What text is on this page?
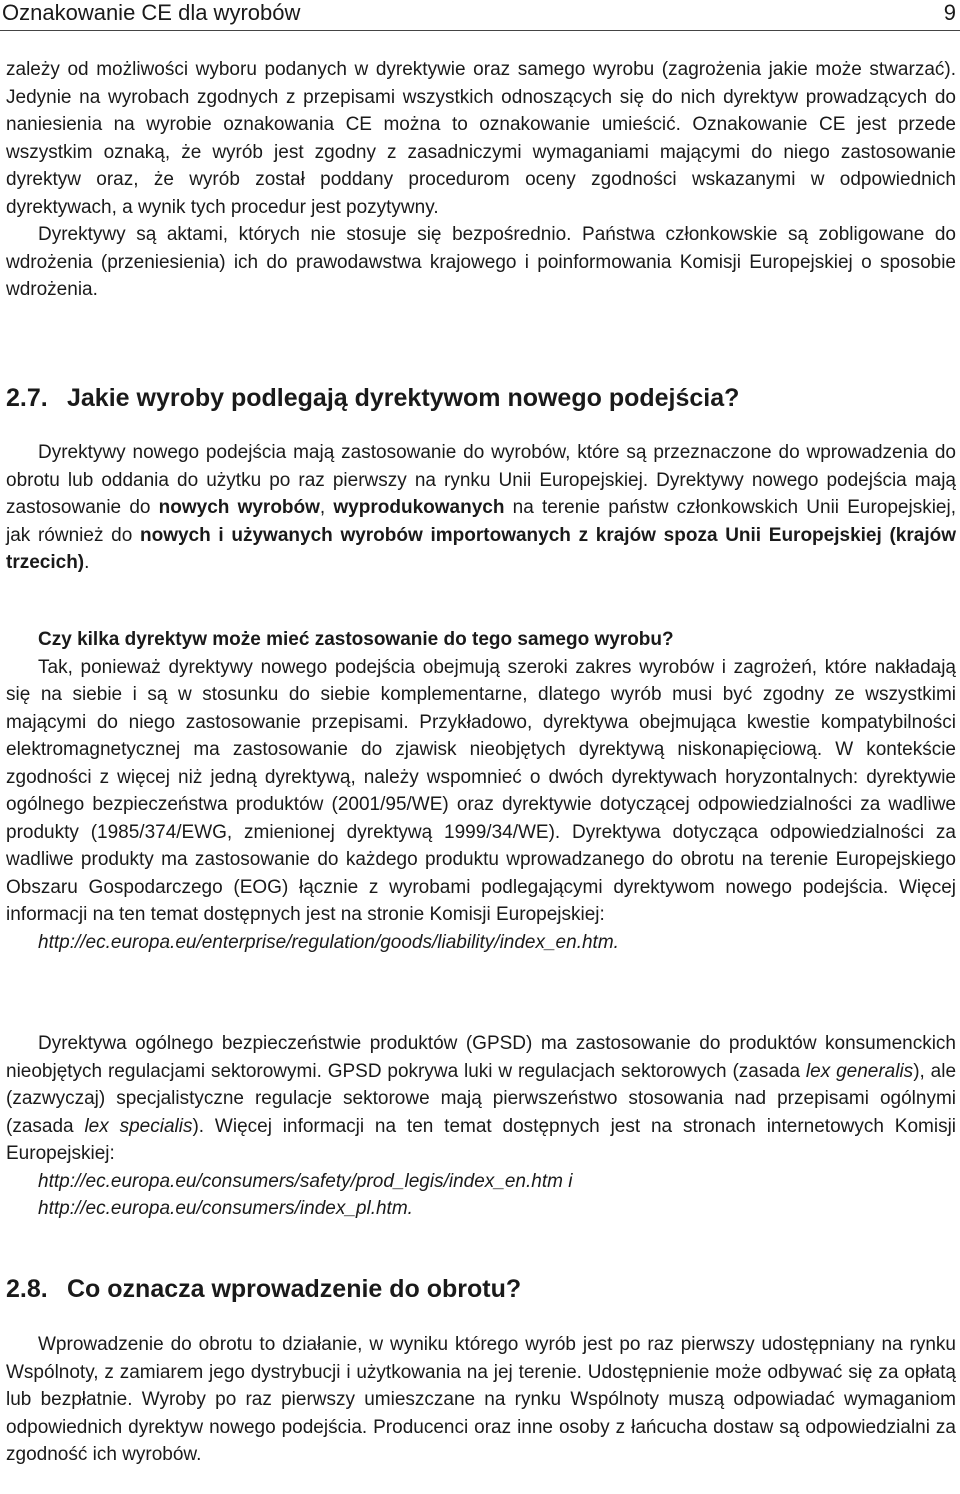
Oznakowanie CE dla wyrobów	9

zależy od możliwości wyboru podanych w dyrektywie oraz samego wyrobu (zagrożenia jakie może stwarzać). Jedynie na wyrobach zgodnych z przepisami wszystkich odnoszących się do nich dyrektyw prowadzących do naniesienia na wyrobie oznakowania CE można to oznakowanie umieścić. Oznakowanie CE jest przede wszystkim oznaką, że wyrób jest zgodny z zasadniczymi wymaganiami mającymi do niego zastosowanie dyrektyw oraz, że wyrób został poddany procedurom oceny zgodności wskazanymi w odpowiednich dyrektywach, a wynik tych procedur jest pozytywny.

Dyrektywy są aktami, których nie stosuje się bezpośrednio. Państwa członkowskie są zobligowane do wdrożenia (przeniesienia) ich do prawodawstwa krajowego i poinformowania Komisji Europejskiej o sposobie wdrożenia.

2.7. Jakie wyroby podlegają dyrektywom nowego podejścia?

Dyrektywy nowego podejścia mają zastosowanie do wyrobów, które są przeznaczone do wprowadzenia do obrotu lub oddania do użytku po raz pierwszy na rynku Unii Europejskiej. Dyrektywy nowego podejścia mają zastosowanie do nowych wyrobów, wyprodukowanych na terenie państw członkowskich Unii Europejskiej, jak również do nowych i używanych wyrobów importowanych z krajów spoza Unii Europejskiej (krajów trzecich).

Czy kilka dyrektyw może mieć zastosowanie do tego samego wyrobu?

Tak, ponieważ dyrektywy nowego podejścia obejmują szeroki zakres wyrobów i zagrożeń, które nakładają się na siebie i są w stosunku do siebie komplementarne, dlatego wyrób musi być zgodny ze wszystkimi mającymi do niego zastosowanie przepisami. Przykładowo, dyrektywa obejmująca kwestie kompatybilności elektromagnetycznej ma zastosowanie do zjawisk nieobjętych dyrektywą niskonapięciową. W kontekście zgodności z więcej niż jedną dyrektywą, należy wspomnieć o dwóch dyrektywach horyzontalnych: dyrektywie ogólnego bezpieczeństwa produktów (2001/95/WE) oraz dyrektywie dotyczącej odpowiedzialności za wadliwe produkty (1985/374/EWG, zmienionej dyrektywą 1999/34/WE). Dyrektywa dotycząca odpowiedzialności za wadliwe produkty ma zastosowanie do każdego produktu wprowadzanego do obrotu na terenie Europejskiego Obszaru Gospodarczego (EOG) łącznie z wyrobami podlegającymi dyrektywom nowego podejścia. Więcej informacji na ten temat dostępnych jest na stronie Komisji Europejskiej:

http://ec.europa.eu/enterprise/regulation/goods/liability/index_en.htm.

Dyrektywa ogólnego bezpieczeństwie produktów (GPSD) ma zastosowanie do produktów konsumenckich nieobjętych regulacjami sektorowymi. GPSD pokrywa luki w regulacjach sektorowych (zasada lex generalis), ale (zazwyczaj) specjalistyczne regulacje sektorowe mają pierwszeństwo stosowania nad przepisami ogólnymi (zasada lex specialis). Więcej informacji na ten temat dostępnych jest na stronach internetowych Komisji Europejskiej:

http://ec.europa.eu/consumers/safety/prod_legis/index_en.htm i

http://ec.europa.eu/consumers/index_pl.htm.

2.8. Co oznacza wprowadzenie do obrotu?

Wprowadzenie do obrotu to działanie, w wyniku którego wyrób jest po raz pierwszy udostępniany na rynku Wspólnoty, z zamiarem jego dystrybucji i użytkowania na jej terenie. Udostępnienie może odbywać się za opłatą lub bezpłatnie. Wyroby po raz pierwszy umieszczane na rynku Wspólnoty muszą odpowiadać wymaganiom odpowiednich dyrektyw nowego podejścia. Producenci oraz inne osoby z łańcucha dostaw są odpowiedzialni za zgodność ich wyrobów.
